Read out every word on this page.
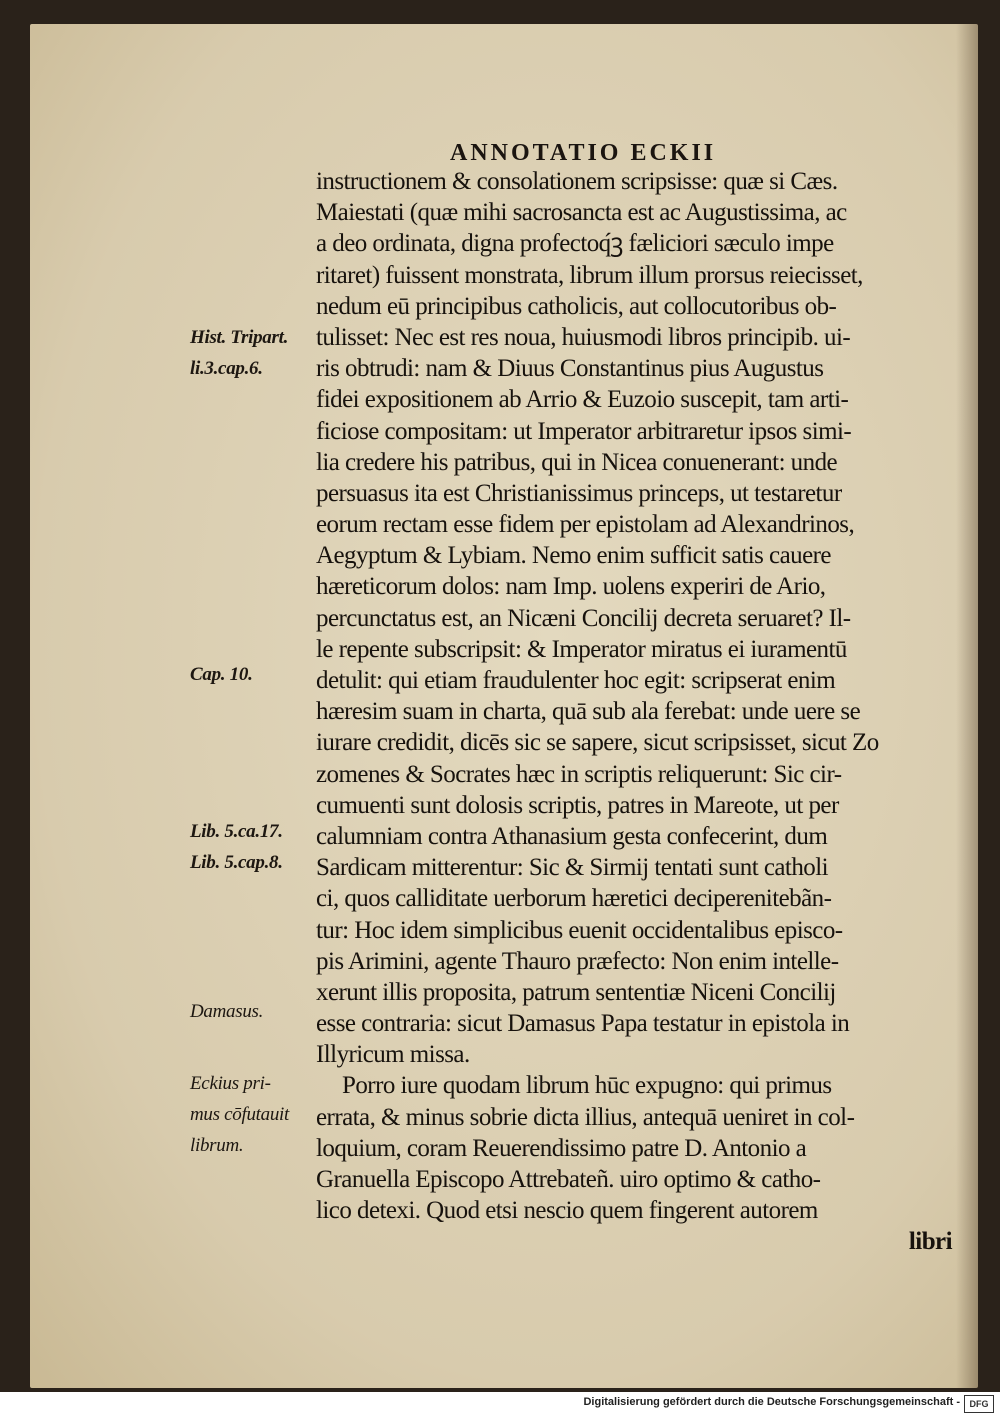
ANNOTATIO ECKII
instructionem & consolationem scripsisse: quæ si Cæs.
Maiestati (quæ mihi sacrosancta est ac Augustissima, ac
a deo ordinata, digna profectoq́ꝫ fæliciori sæculo impe
ritaret) fuissent monstrata, librum illum prorsus reiecisset,
nedum eū principibus catholicis, aut collocutoribus ob-
tulisset: Nec est res noua, huiusmodi libros principib. ui-
ris obtrudi: nam & Diuus Constantinus pius Augustus
fidei expositionem ab Arrio & Euzoio suscepit, tam arti-
ficiose compositam: ut Imperator arbitraretur ipsos simi-
lia credere his patribus, qui in Nicea conuenerant: unde
persuasus ita est Christianissimus princeps, ut testaretur
eorum rectam esse fidem per epistolam ad Alexandrinos,
Aegyptum & Lybiam. Nemo enim sufficit satis cauere
hæreticorum dolos: nam Imp. uolens experiri de Ario,
percunctatus est, an Nicæni Concilij decreta seruaret? Il-
le repente subscripsit: & Imperator miratus ei iuramentū
detulit: qui etiam fraudulenter hoc egit: scripserat enim
hæresim suam in charta, quā sub ala ferebat: unde uere se
iurare credidit, dicēs sic se sapere, sicut scripsisset, sicut Zo
zomenes & Socrates hæc in scriptis reliquerunt: Sic cir-
cumuenti sunt dolosis scriptis, patres in Mareote, ut per
calumniam contra Athanasium gesta confecerint, dum
Sardicam mitterentur: Sic & Sirmij tentati sunt catholi
ci, quos calliditate uerborum hæretici deciperenitebãn-
tur: Hoc idem simplicibus euenit occidentalibus episco-
pis Arimini, agente Thauro præfecto: Non enim intelle-
xerunt illis proposita, patrum sententiæ Niceni Concilij
esse contraria: sicut Damasus Papa testatur in epistola in
Illyricum missa.
Porro iure quodam librum hūc expugno: qui primus
errata, & minus sobrie dicta illius, antequā ueniret in col-
loquium, coram Reuerendissimo patre D. Antonio a
Granuella Episcopo Attrebateñ. uiro optimo & catho-
lico detexi. Quod etsi nescio quem fingerent autorem
libri
Hist. Tripart.
li.3.cap.6.
Cap. 10.
Lib. 5.ca.17.
Lib. 5.cap.8.
Damasus.
Eckius pri-
mus cōfutauit
librum.
Digitalisierung gefördert durch die Deutsche Forschungsgemeinschaft -	DFG
